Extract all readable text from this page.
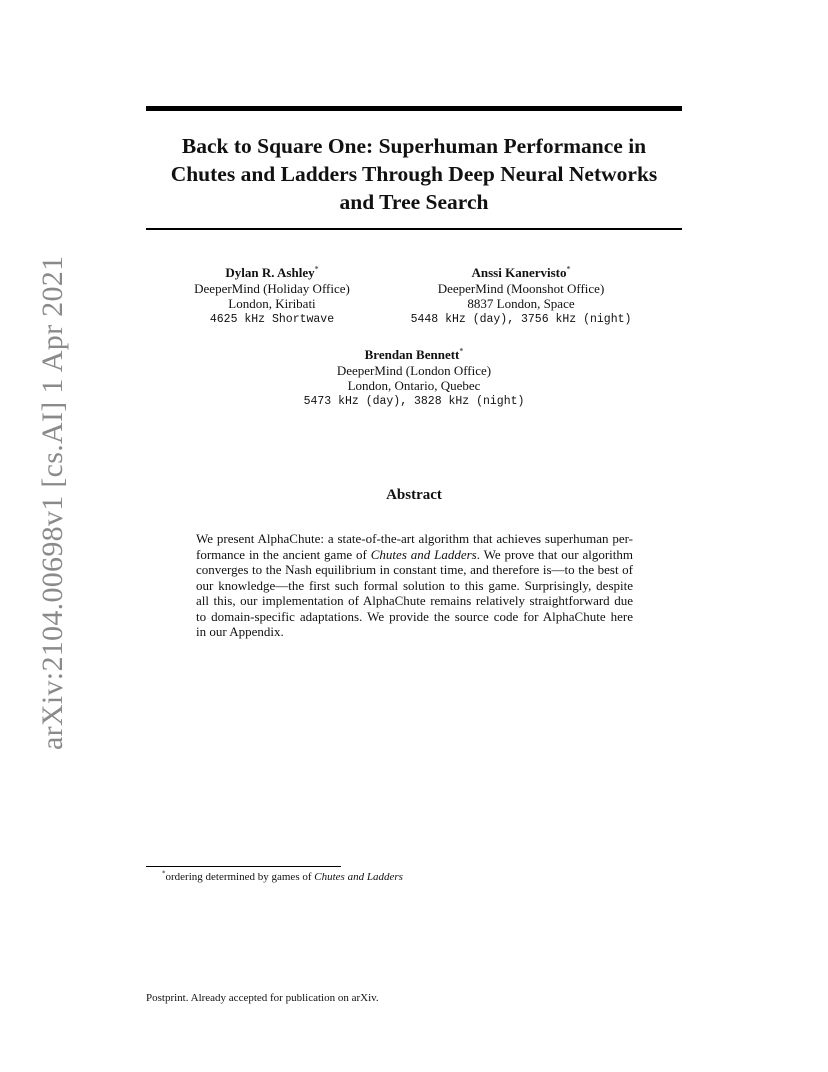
arXiv:2104.00698v1 [cs.AI] 1 Apr 2021
Back to Square One: Superhuman Performance in
Chutes and Ladders Through Deep Neural Networks
and Tree Search
Dylan R. Ashley*
DeeperMind (Holiday Office)
London, Kiribati
4625 kHz Shortwave
Anssi Kanervisto*
DeeperMind (Moonshot Office)
8837 London, Space
5448 kHz (day), 3756 kHz (night)
Brendan Bennett*
DeeperMind (London Office)
London, Ontario, Quebec
5473 kHz (day), 3828 kHz (night)
Abstract
We present AlphaChute: a state-of-the-art algorithm that achieves superhuman per-
formance in the ancient game of Chutes and Ladders. We prove that our algorithm
converges to the Nash equilibrium in constant time, and therefore is—to the best of
our knowledge—the first such formal solution to this game. Surprisingly, despite
all this, our implementation of AlphaChute remains relatively straightforward due
to domain-specific adaptations. We provide the source code for AlphaChute here
in our Appendix.
*ordering determined by games of Chutes and Ladders
Postprint. Already accepted for publication on arXiv.
